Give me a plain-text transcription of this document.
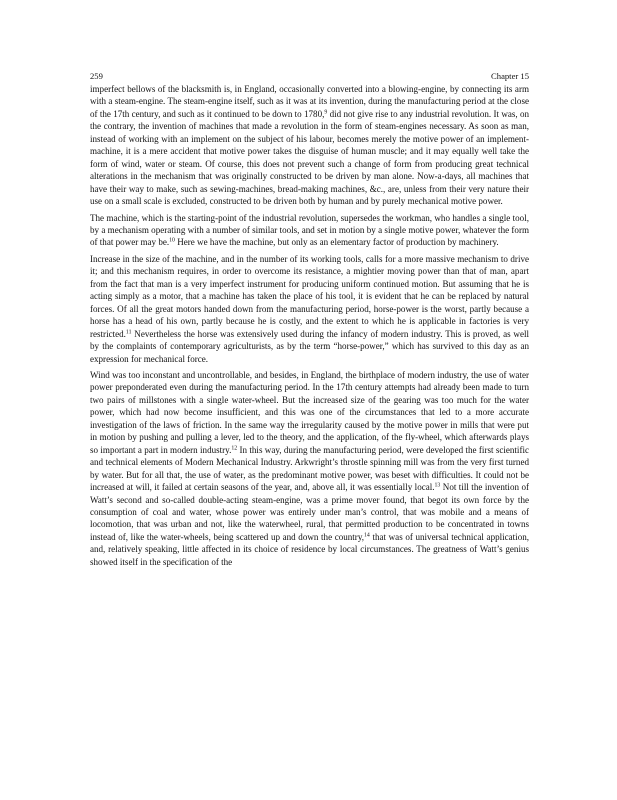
259	Chapter 15

imperfect bellows of the blacksmith is, in England, occasionally converted into a blowing-engine, by connecting its arm with a steam-engine. The steam-engine itself, such as it was at its invention, during the manufacturing period at the close of the 17th century, and such as it continued to be down to 1780,$^9$ did not give rise to any industrial revolution. It was, on the contrary, the invention of machines that made a revolution in the form of steam-engines necessary. As soon as man, instead of working with an implement on the subject of his labour, becomes merely the motive power of an implement-machine, it is a mere accident that motive power takes the disguise of human muscle; and it may equally well take the form of wind, water or steam. Of course, this does not prevent such a change of form from producing great technical alterations in the mechanism that was originally constructed to be driven by man alone. Now-a-days, all machines that have their way to make, such as sewing-machines, bread-making machines, &c., are, unless from their very nature their use on a small scale is excluded, constructed to be driven both by human and by purely mechanical motive power.

The machine, which is the starting-point of the industrial revolution, supersedes the workman, who handles a single tool, by a mechanism operating with a number of similar tools, and set in motion by a single motive power, whatever the form of that power may be.$^{10}$ Here we have the machine, but only as an elementary factor of production by machinery.

Increase in the size of the machine, and in the number of its working tools, calls for a more massive mechanism to drive it; and this mechanism requires, in order to overcome its resistance, a mightier moving power than that of man, apart from the fact that man is a very imperfect instrument for producing uniform continued motion. But assuming that he is acting simply as a motor, that a machine has taken the place of his tool, it is evident that he can be replaced by natural forces. Of all the great motors handed down from the manufacturing period, horse-power is the worst, partly because a horse has a head of his own, partly because he is costly, and the extent to which he is applicable in factories is very restricted.$^{11}$ Nevertheless the horse was extensively used during the infancy of modern industry. This is proved, as well by the complaints of contemporary agriculturists, as by the term “horse-power,” which has survived to this day as an expression for mechanical force.

Wind was too inconstant and uncontrollable, and besides, in England, the birthplace of modern industry, the use of water power preponderated even during the manufacturing period. In the 17th century attempts had already been made to turn two pairs of millstones with a single water-wheel. But the increased size of the gearing was too much for the water power, which had now become insufficient, and this was one of the circumstances that led to a more accurate investigation of the laws of friction. In the same way the irregularity caused by the motive power in mills that were put in motion by pushing and pulling a lever, led to the theory, and the application, of the fly-wheel, which afterwards plays so important a part in modern industry.$^{12}$ In this way, during the manufacturing period, were developed the first scientific and technical elements of Modern Mechanical Industry. Arkwright’s throstle spinning mill was from the very first turned by water. But for all that, the use of water, as the predominant motive power, was beset with difficulties. It could not be increased at will, it failed at certain seasons of the year, and, above all, it was essentially local.$^{13}$ Not till the invention of Watt’s second and so-called double-acting steam-engine, was a prime mover found, that begot its own force by the consumption of coal and water, whose power was entirely under man’s control, that was mobile and a means of locomotion, that was urban and not, like the waterwheel, rural, that permitted production to be concentrated in towns instead of, like the water-wheels, being scattered up and down the country,$^{14}$ that was of universal technical application, and, relatively speaking, little affected in its choice of residence by local circumstances. The greatness of Watt’s genius showed itself in the specification of the
